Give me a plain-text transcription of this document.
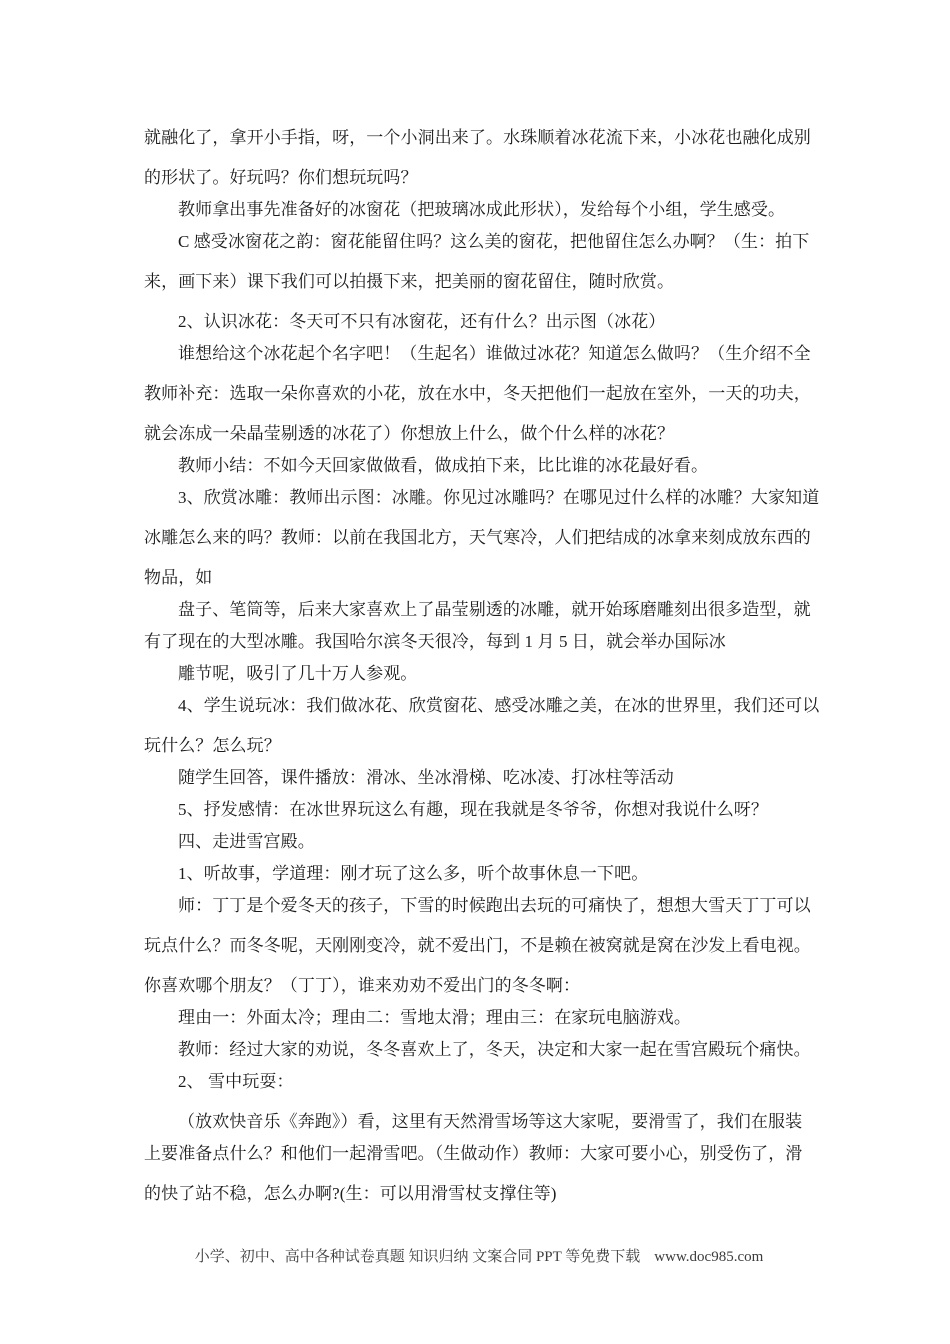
就融化了，拿开小手指，呀，一个小洞出来了。水珠顺着冰花流下来，小冰花也融化成别
的形状了。好玩吗？你们想玩玩吗？
教师拿出事先准备好的冰窗花（把玻璃冰成此形状），发给每个小组，学生感受。
C 感受冰窗花之韵：窗花能留住吗？这么美的窗花，把他留住怎么办啊？（生：拍下
来，画下来）课下我们可以拍摄下来，把美丽的窗花留住，随时欣赏。
2、认识冰花：冬天可不只有冰窗花，还有什么？出示图（冰花）
谁想给这个冰花起个名字吧！（生起名）谁做过冰花？知道怎么做吗？（生介绍不全
教师补充：选取一朵你喜欢的小花，放在水中，冬天把他们一起放在室外，一天的功夫，
就会冻成一朵晶莹剔透的冰花了）你想放上什么，做个什么样的冰花？
教师小结：不如今天回家做做看，做成拍下来，比比谁的冰花最好看。
3、欣赏冰雕：教师出示图：冰雕。你见过冰雕吗？在哪见过什么样的冰雕？大家知道
冰雕怎么来的吗？教师：以前在我国北方，天气寒冷，人们把结成的冰拿来刻成放东西的
物品，如
盘子、笔筒等，后来大家喜欢上了晶莹剔透的冰雕，就开始琢磨雕刻出很多造型，就
有了现在的大型冰雕。我国哈尔滨冬天很冷，每到 1 月 5 日，就会举办国际冰
雕节呢，吸引了几十万人参观。
4、学生说玩冰：我们做冰花、欣赏窗花、感受冰雕之美，在冰的世界里，我们还可以
玩什么？怎么玩？
随学生回答，课件播放：滑冰、坐冰滑梯、吃冰凌、打冰柱等活动
5、抒发感情：在冰世界玩这么有趣，现在我就是冬爷爷，你想对我说什么呀？
四、走进雪宫殿。
1、听故事，学道理：刚才玩了这么多，听个故事休息一下吧。
师：丁丁是个爱冬天的孩子，下雪的时候跑出去玩的可痛快了，想想大雪天丁丁可以
玩点什么？而冬冬呢，天刚刚变冷，就不爱出门，不是赖在被窝就是窝在沙发上看电视。
你喜欢哪个朋友？（丁丁），谁来劝劝不爱出门的冬冬啊：
理由一：外面太冷；理由二：雪地太滑；理由三：在家玩电脑游戏。
教师：经过大家的劝说，冬冬喜欢上了，冬天，决定和大家一起在雪宫殿玩个痛快。
2、 雪中玩耍：
（放欢快音乐《奔跑》）看，这里有天然滑雪场等这大家呢，要滑雪了，我们在服装
上要准备点什么？和他们一起滑雪吧。（生做动作）教师：大家可要小心，别受伤了，滑
的快了站不稳，怎么办啊?(生：可以用滑雪杖支撑住等)
小学、初中、高中各种试卷真题 知识归纳 文案合同 PPT 等免费下载 www.doc985.com
